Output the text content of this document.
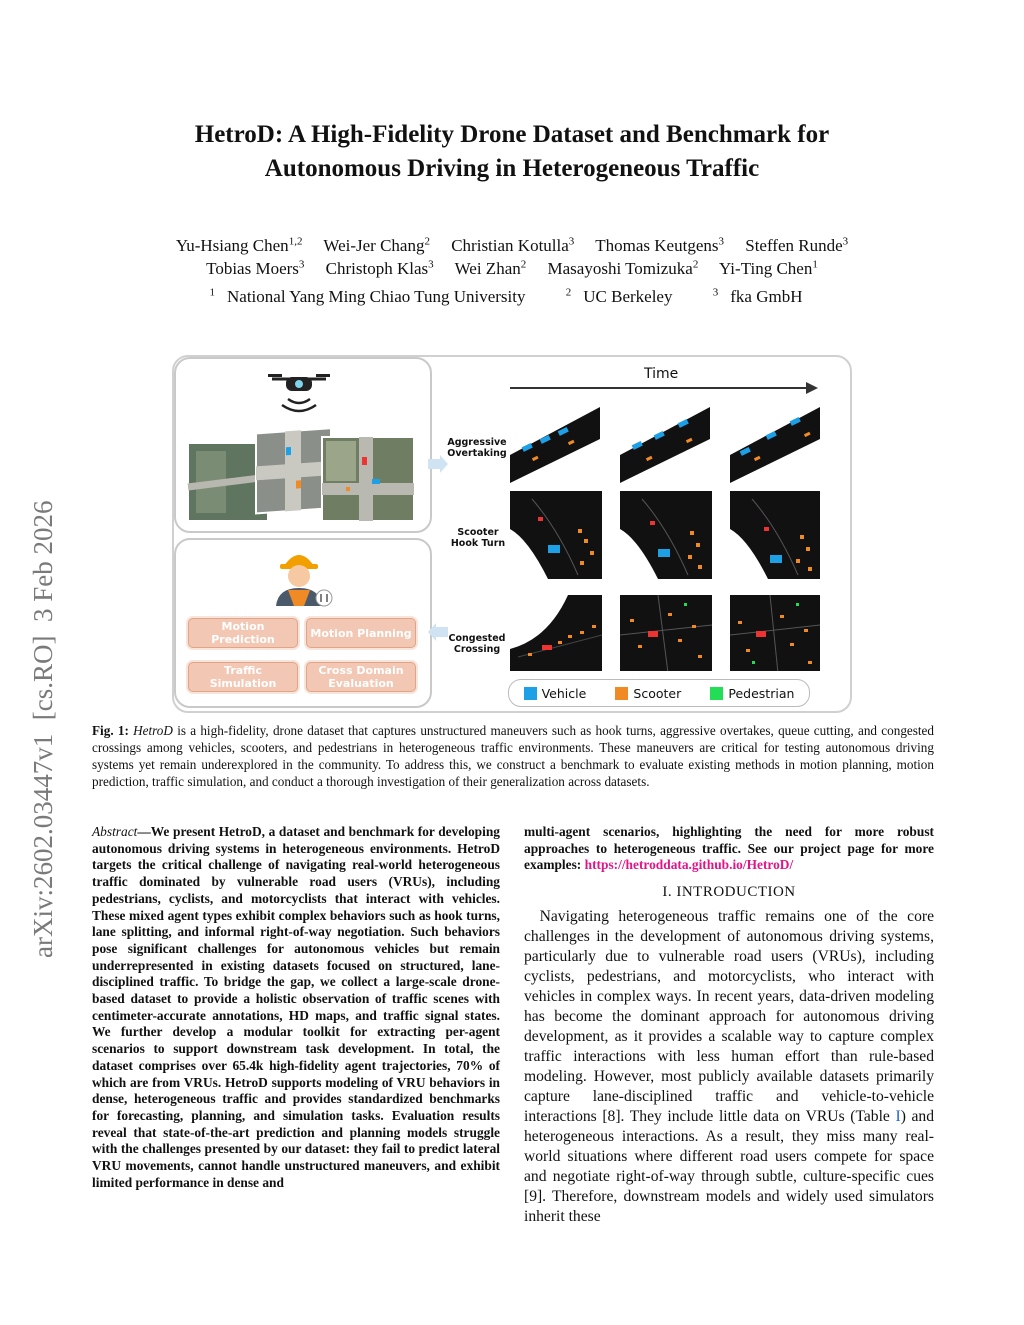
arXiv:2602.03447v1  [cs.RO]  3 Feb 2026
HetroD: A High-Fidelity Drone Dataset and Benchmark for
Autonomous Driving in Heterogeneous Traffic
Yu-Hsiang Chen$^{1,2}$ Wei-Jer Chang$^2$ Christian Kotulla$^3$ Thomas Keutgens$^3$ Steffen Runde$^3$
Tobias Moers$^3$ Christoph Klas$^3$ Wei Zhan$^2$ Masayoshi Tomizuka$^2$ Yi-Ting Chen$^1$
$^1$ National Yang Ming Chiao Tung University	$^2$ UC Berkeley	$^3$ fka GmbH
Motion Prediction	Motion Planning
Traffic Simulation
Cross Domain Evaluation
Time
Aggressive Overtaking
Scooter Hook Turn
Congested Crossing
Vehicle	Scooter	Pedestrian
Fig. 1: HetroD is a high-fidelity, drone dataset that captures unstructured maneuvers such as hook turns, aggressive overtakes, queue cutting, and congested crossings among vehicles, scooters, and pedestrians in heterogeneous traffic environments. These maneuvers are critical for testing autonomous driving systems yet remain underexplored in the community. To address this, we construct a benchmark to evaluate existing methods in motion planning, motion prediction, traffic simulation, and conduct a thorough investigation of their generalization across datasets.
Abstract—We present HetroD, a dataset and benchmark for developing autonomous driving systems in heterogeneous environments. HetroD targets the critical challenge of navigating real-world heterogeneous traffic dominated by vulnerable road users (VRUs), including pedestrians, cyclists, and motorcyclists that interact with vehicles. These mixed agent types exhibit complex behaviors such as hook turns, lane splitting, and informal right-of-way negotiation. Such behaviors pose significant challenges for autonomous vehicles but remain underrepresented in existing datasets focused on structured, lane-disciplined traffic. To bridge the gap, we collect a large-scale drone-based dataset to provide a holistic observation of traffic scenes with centimeter-accurate annotations, HD maps, and traffic signal states. We further develop a modular toolkit for extracting per-agent scenarios to support downstream task development. In total, the dataset comprises over 65.4k high-fidelity agent trajectories, 70% of which are from VRUs. HetroD supports modeling of VRU behaviors in dense, heterogeneous traffic and provides standardized benchmarks for forecasting, planning, and simulation tasks. Evaluation results reveal that state-of-the-art prediction and planning models struggle with the challenges presented by our dataset: they fail to predict lateral VRU movements, cannot handle unstructured maneuvers, and exhibit limited performance in dense and
multi-agent scenarios, highlighting the need for more robust approaches to heterogeneous traffic. See our project page for more examples: https://hetroddata.github.io/HetroD/
I. INTRODUCTION
 Navigating heterogeneous traffic remains one of the core challenges in the development of autonomous driving systems, particularly due to vulnerable road users (VRUs), including cyclists, pedestrians, and motorcyclists, who interact with vehicles in complex ways. In recent years, data-driven modeling has become the dominant approach for autonomous driving development, as it provides a scalable way to capture complex traffic interactions with less human effort than rule-based modeling. However, most publicly available datasets primarily capture lane-disciplined traffic and vehicle-to-vehicle interactions [8]. They include little data on VRUs (Table I) and heterogeneous interactions. As a result, they miss many real-world situations where different road users compete for space and negotiate right-of-way through subtle, culture-specific cues [9]. Therefore, downstream models and widely used simulators inherit these
